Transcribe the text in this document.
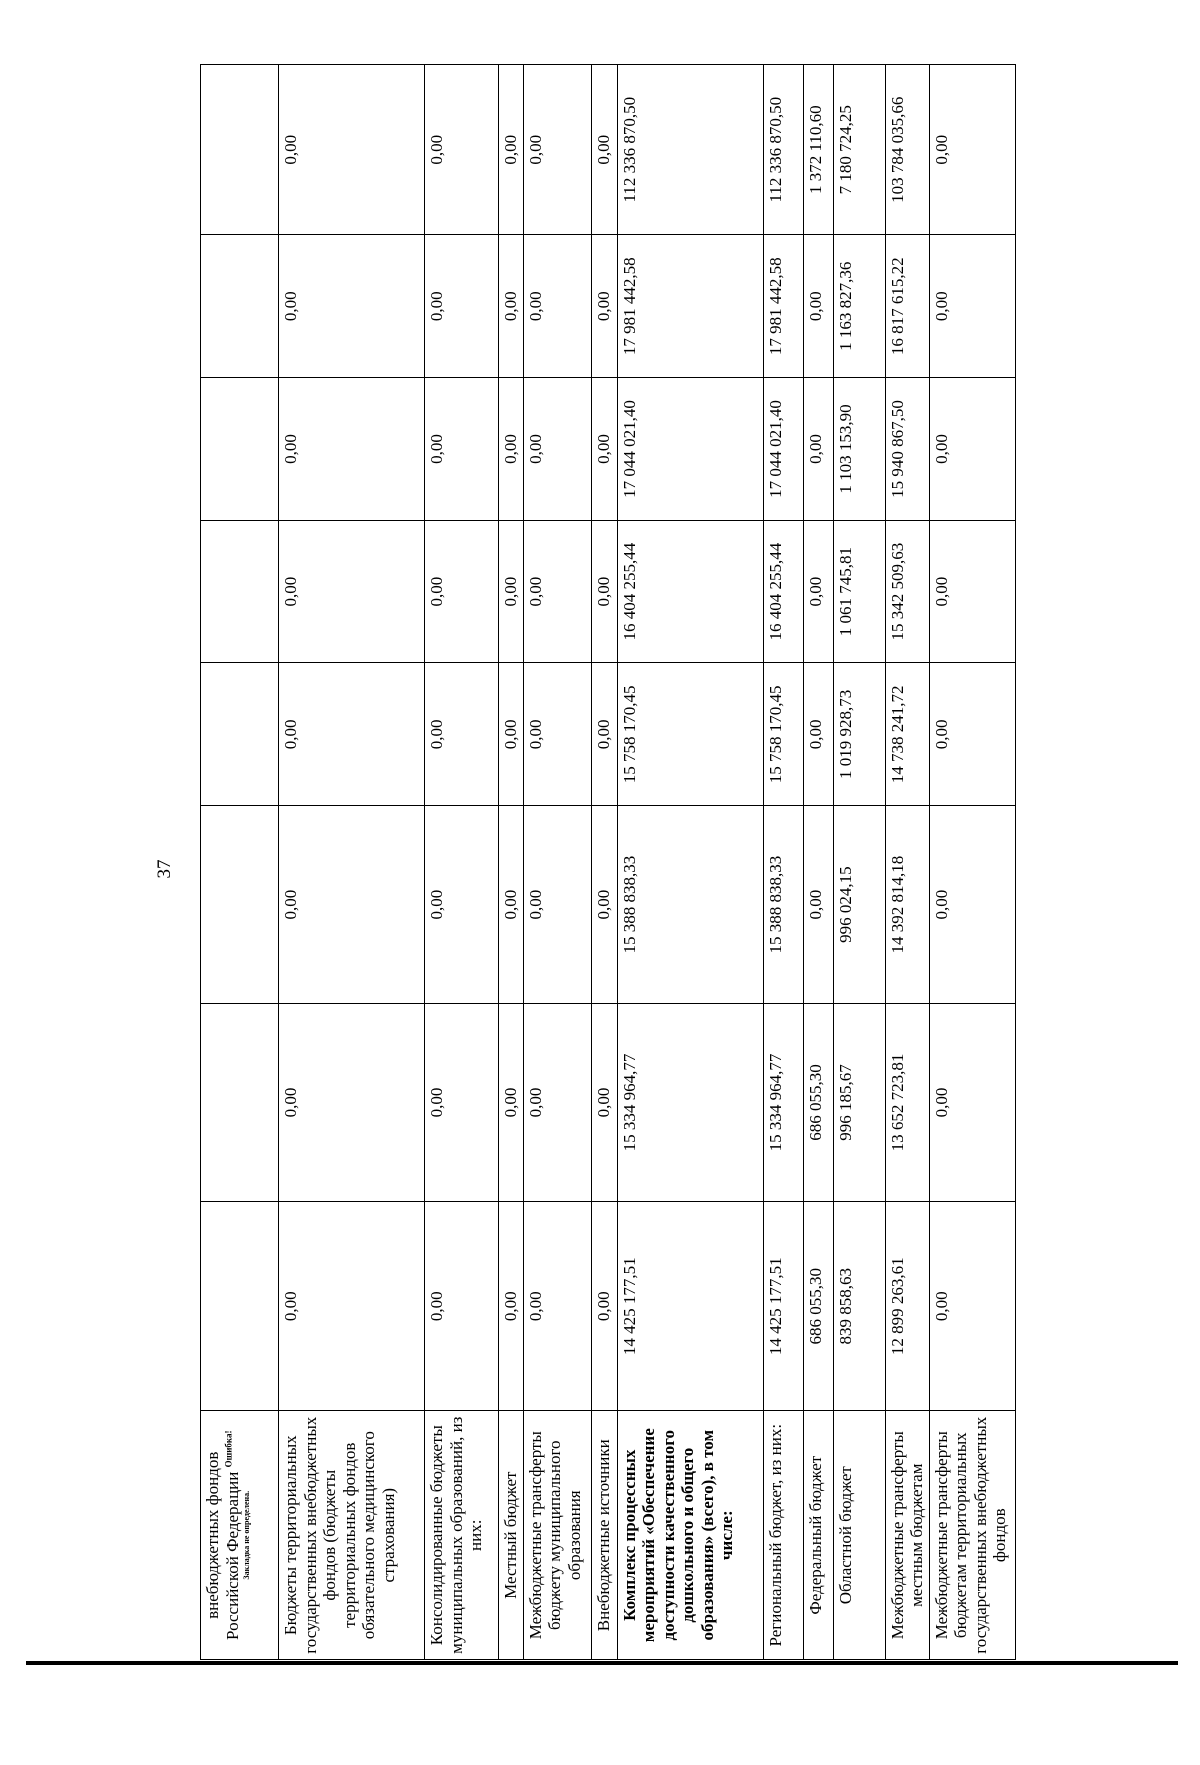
37
внебюджетных фондов Российской Федерации $^{Ошибка!}$
Закладка не определена.								

Бюджеты территориальных государственных внебюджетных фондов (бюджеты территориальных фондов обязательного медицинского страхования)	0,00	0,00	0,00	0,00	0,00	0,00	0,00	0,00
Консолидированные бюджеты муниципальных образований, из них:	0,00	0,00	0,00	0,00	0,00	0,00	0,00	0,00
Местный бюджет	0,00	0,00	0,00	0,00	0,00	0,00	0,00	0,00
Межбюджетные трансферты бюджету муниципального образования	0,00	0,00	0,00	0,00	0,00	0,00	0,00	0,00
Внебюджетные источники	0,00	0,00	0,00	0,00	0,00	0,00	0,00	0,00
Комплекс процессных мероприятий «Обеспечение доступности качественного дошкольного и общего образования» (всего), в том числе:	14 425 177,51	15 334 964,77	15 388 838,33	15 758 170,45	16 404 255,44	17 044 021,40	17 981 442,58	112 336 870,50
Региональный бюджет, из них:	14 425 177,51	15 334 964,77	15 388 838,33	15 758 170,45	16 404 255,44	17 044 021,40	17 981 442,58	112 336 870,50
Федеральный бюджет	686 055,30	686 055,30	0,00	0,00	0,00	0,00	0,00	1 372 110,60
Областной бюджет	839 858,63	996 185,67	996 024,15	1 019 928,73	1 061 745,81	1 103 153,90	1 163 827,36	7 180 724,25
Межбюджетные трансферты местным бюджетам	12 899 263,61	13 652 723,81	14 392 814,18	14 738 241,72	15 342 509,63	15 940 867,50	16 817 615,22	103 784 035,66
Межбюджетные трансферты бюджетам территориальных государственных внебюджетных фондов	0,00	0,00	0,00	0,00	0,00	0,00	0,00	0,00
